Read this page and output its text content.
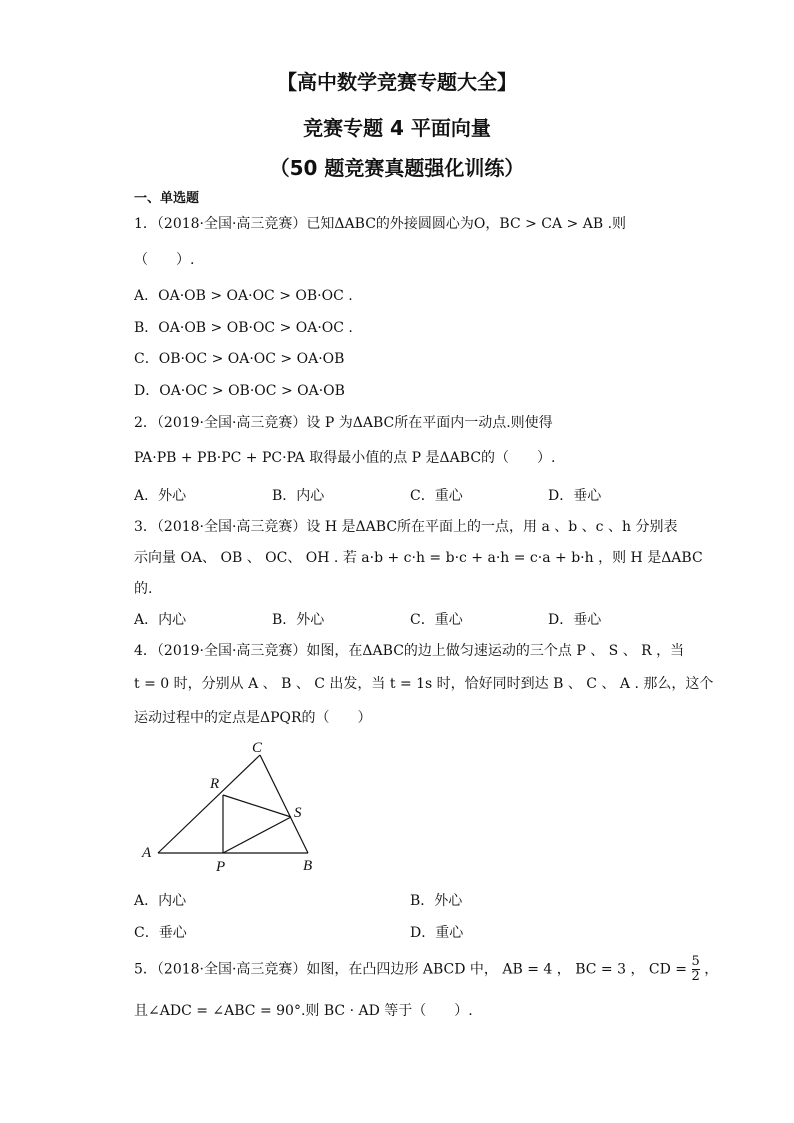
【高中数学竞赛专题大全】
竞赛专题 4 平面向量
（50 题竞赛真题强化训练）
一、单选题
1．（2018·全国·高三竞赛）已知ΔABC的外接圆圆心为O，BC > CA > AB .则
（　　）.
A．OA·OB > OA·OC > OB·OC .
B．OA·OB > OB·OC > OA·OC .
C．OB·OC > OA·OC > OA·OB
D．OA·OC > OB·OC > OA·OB
2．（2019·全国·高三竞赛）设 P 为ΔABC所在平面内一动点.则使得
PA·PB + PB·PC + PC·PA 取得最小值的点 P 是ΔABC的（　　）.
A．外心	B．内心	C．重心	D．垂心
3．（2018·全国·高三竞赛）设 H 是ΔABC所在平面上的一点，用 a 、b 、c 、h 分别表
示向量 OA、 OB 、 OC、 OH . 若 a·b + c·h = b·c + a·h = c·a + b·h ，则 H 是ΔABC
的.
A．内心	B．外心	C．重心	D．垂心
4．（2019·全国·高三竞赛）如图，在ΔABC的边上做匀速运动的三个点 P 、 S 、 R ，当
t = 0 时，分别从 A 、 B 、 C 出发，当 t = 1s 时，恰好同时到达 B 、 C 、 A . 那么，这个
运动过程中的定点是ΔPQR的（　　）
A
B
C
P
R
S
A．内心	B．外心
C．垂心	D．重心
5．（2018·全国·高三竞赛）如图，在凸四边形 ABCD 中， AB = 4 ， BC = 3 ， CD = $\frac{5}{2}$ ，
且∠ADC = ∠ABC = 90°.则 BC · AD 等于（　　）.
